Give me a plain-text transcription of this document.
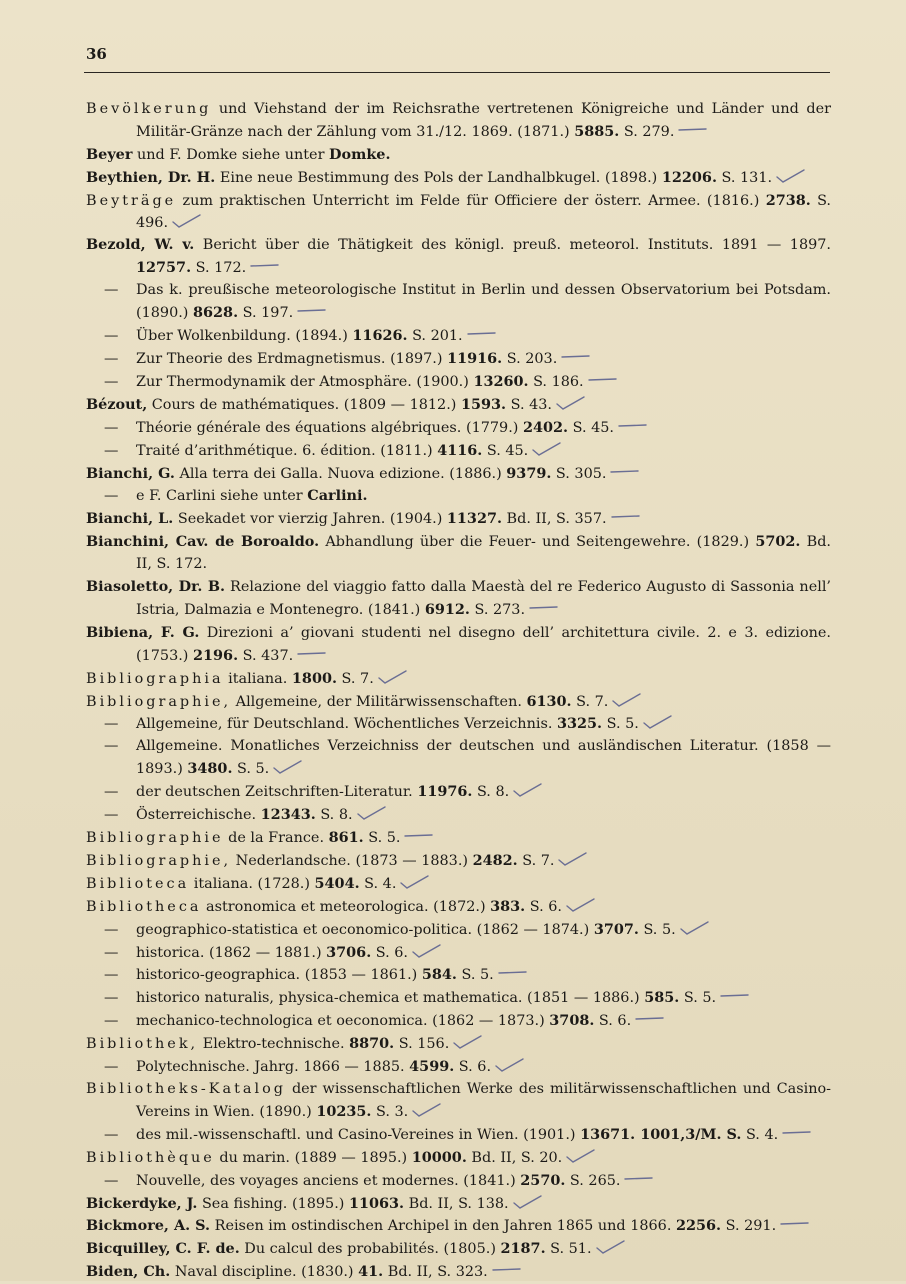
36
Bevölkerung und Viehstand der im Reichsrathe vertretenen Königreiche und Länder und der Militär-Gränze nach der Zählung vom 31./12. 1869. (1871.) 5885. S. 279.
Beyer und F. Domke siehe unter Domke.
Beythien, Dr. H. Eine neue Bestimmung des Pols der Landhalbkugel. (1898.) 12206. S. 131.
Beyträge zum praktischen Unterricht im Felde für Officiere der österr. Armee. (1816.) 2738. S. 496.
Bezold, W. v. Bericht über die Thätigkeit des königl. preuß. meteorol. Instituts. 1891 — 1897. 12757. S. 172.
— Das k. preußische meteorologische Institut in Berlin und dessen Observatorium bei Potsdam. (1890.) 8628. S. 197.
— Über Wolkenbildung. (1894.) 11626. S. 201.
— Zur Theorie des Erdmagnetismus. (1897.) 11916. S. 203.
— Zur Thermodynamik der Atmosphäre. (1900.) 13260. S. 186.
Bézout, Cours de mathématiques. (1809 — 1812.) 1593. S. 43.
— Théorie générale des équations algébriques. (1779.) 2402. S. 45.
— Traité d’arithmétique. 6. édition. (1811.) 4116. S. 45.
Bianchi, G. Alla terra dei Galla. Nuova edizione. (1886.) 9379. S. 305.
— e F. Carlini siehe unter Carlini.
Bianchi, L. Seekadet vor vierzig Jahren. (1904.) 11327. Bd. II, S. 357.
Bianchini, Cav. de Boroaldo. Abhandlung über die Feuer- und Seitengewehre. (1829.) 5702. Bd. II, S. 172.
Biasoletto, Dr. B. Relazione del viaggio fatto dalla Maestà del re Federico Augusto di Sassonia nell’ Istria, Dalmazia e Montenegro. (1841.) 6912. S. 273.
Bibiena, F. G. Direzioni a’ giovani studenti nel disegno dell’ architettura civile. 2. e 3. edizione. (1753.) 2196. S. 437.
Bibliographia italiana. 1800. S. 7.
Bibliographie, Allgemeine, der Militärwissenschaften. 6130. S. 7.
— Allgemeine, für Deutschland. Wöchentliches Verzeichnis. 3325. S. 5.
— Allgemeine. Monatliches Verzeichniss der deutschen und ausländischen Literatur. (1858 — 1893.) 3480. S. 5.
— der deutschen Zeitschriften-Literatur. 11976. S. 8.
— Österreichische. 12343. S. 8.
Bibliographie de la France. 861. S. 5.
Bibliographie, Nederlandsche. (1873 — 1883.) 2482. S. 7.
Biblioteca italiana. (1728.) 5404. S. 4.
Bibliotheca astronomica et meteorologica. (1872.) 383. S. 6.
— geographico-statistica et oeconomico-politica. (1862 — 1874.) 3707. S. 5.
— historica. (1862 — 1881.) 3706. S. 6.
— historico-geographica. (1853 — 1861.) 584. S. 5.
— historico naturalis, physica-chemica et mathematica. (1851 — 1886.) 585. S. 5.
— mechanico-technologica et oeconomica. (1862 — 1873.) 3708. S. 6.
Bibliothek, Elektro-technische. 8870. S. 156.
— Polytechnische. Jahrg. 1866 — 1885. 4599. S. 6.
Bibliotheks-Katalog der wissenschaftlichen Werke des militärwissenschaftlichen und Casino-Vereins in Wien. (1890.) 10235. S. 3.
— des mil.-wissenschaftl. und Casino-Vereines in Wien. (1901.) 13671. 1001,3/M. S. S. 4.
Bibliothèque du marin. (1889 — 1895.) 10000. Bd. II, S. 20.
— Nouvelle, des voyages anciens et modernes. (1841.) 2570. S. 265.
Bickerdyke, J. Sea fishing. (1895.) 11063. Bd. II, S. 138.
Bickmore, A. S. Reisen im ostindischen Archipel in den Jahren 1865 und 1866. 2256. S. 291.
Bicquilley, C. F. de. Du calcul des probabilités. (1805.) 2187. S. 51.
Biden, Ch. Naval discipline. (1830.) 41. Bd. II, S. 323.
